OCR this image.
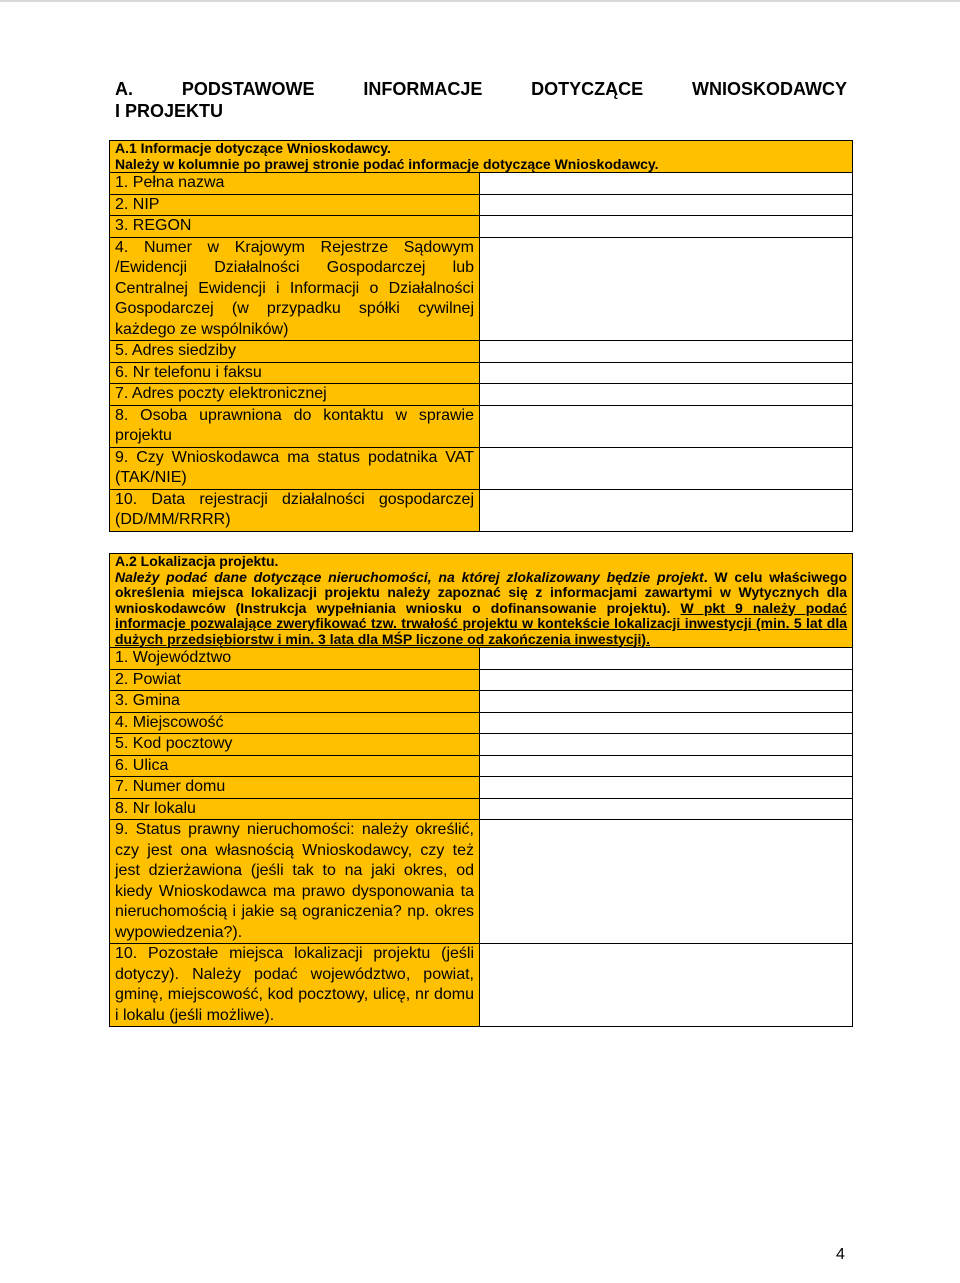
A.	PODSTAWOWE	INFORMACJE	DOTYCZĄCE	WNIOSKODAWCY
I PROJEKTU
A.1 Informacje dotyczące Wnioskodawcy.
Należy w kolumnie po prawej stronie podać informacje dotyczące Wnioskodawcy.	

1. Pełna nazwa	
2. NIP	
3. REGON	
4. Numer w Krajowym Rejestrze Sądowym /Ewidencji Działalności Gospodarczej lub Centralnej Ewidencji i Informacji o Działalności Gospodarczej (w przypadku spółki cywilnej każdego ze wspólników)	
5. Adres siedziby	
6. Nr telefonu i faksu	
7. Adres poczty elektronicznej	
8. Osoba uprawniona do kontaktu w sprawie projektu	
9. Czy Wnioskodawca ma status podatnika VAT (TAK/NIE)	
10. Data rejestracji działalności gospodarczej (DD/MM/RRRR)	
A.2 Lokalizacja projektu.
Należy podać dane dotyczące nieruchomości, na której zlokalizowany będzie projekt. W celu właściwego określenia miejsca lokalizacji projektu należy zapoznać się z informacjami zawartymi w Wytycznych dla wnioskodawców (Instrukcja wypełniania wniosku o dofinansowanie projektu). W pkt 9 należy podać informacje pozwalające zweryfikować tzw. trwałość projektu w kontekście lokalizacji inwestycji (min. 5 lat dla dużych przedsiębiorstw i min. 3 lata dla MŚP liczone od zakończenia inwestycji).	
1. Województwo	
2. Powiat	
3. Gmina	
4. Miejscowość	
5. Kod pocztowy	
6. Ulica	
7. Numer domu	
8. Nr lokalu	
9. Status prawny nieruchomości: należy określić, czy jest ona własnością Wnioskodawcy, czy też jest dzierżawiona (jeśli tak to na jaki okres, od kiedy Wnioskodawca ma prawo dysponowania ta nieruchomością i jakie są ograniczenia? np. okres wypowiedzenia?).	
10. Pozostałe miejsca lokalizacji projektu (jeśli dotyczy). Należy podać województwo, powiat, gminę, miejscowość, kod pocztowy, ulicę, nr domu i lokalu (jeśli możliwe).	
4
